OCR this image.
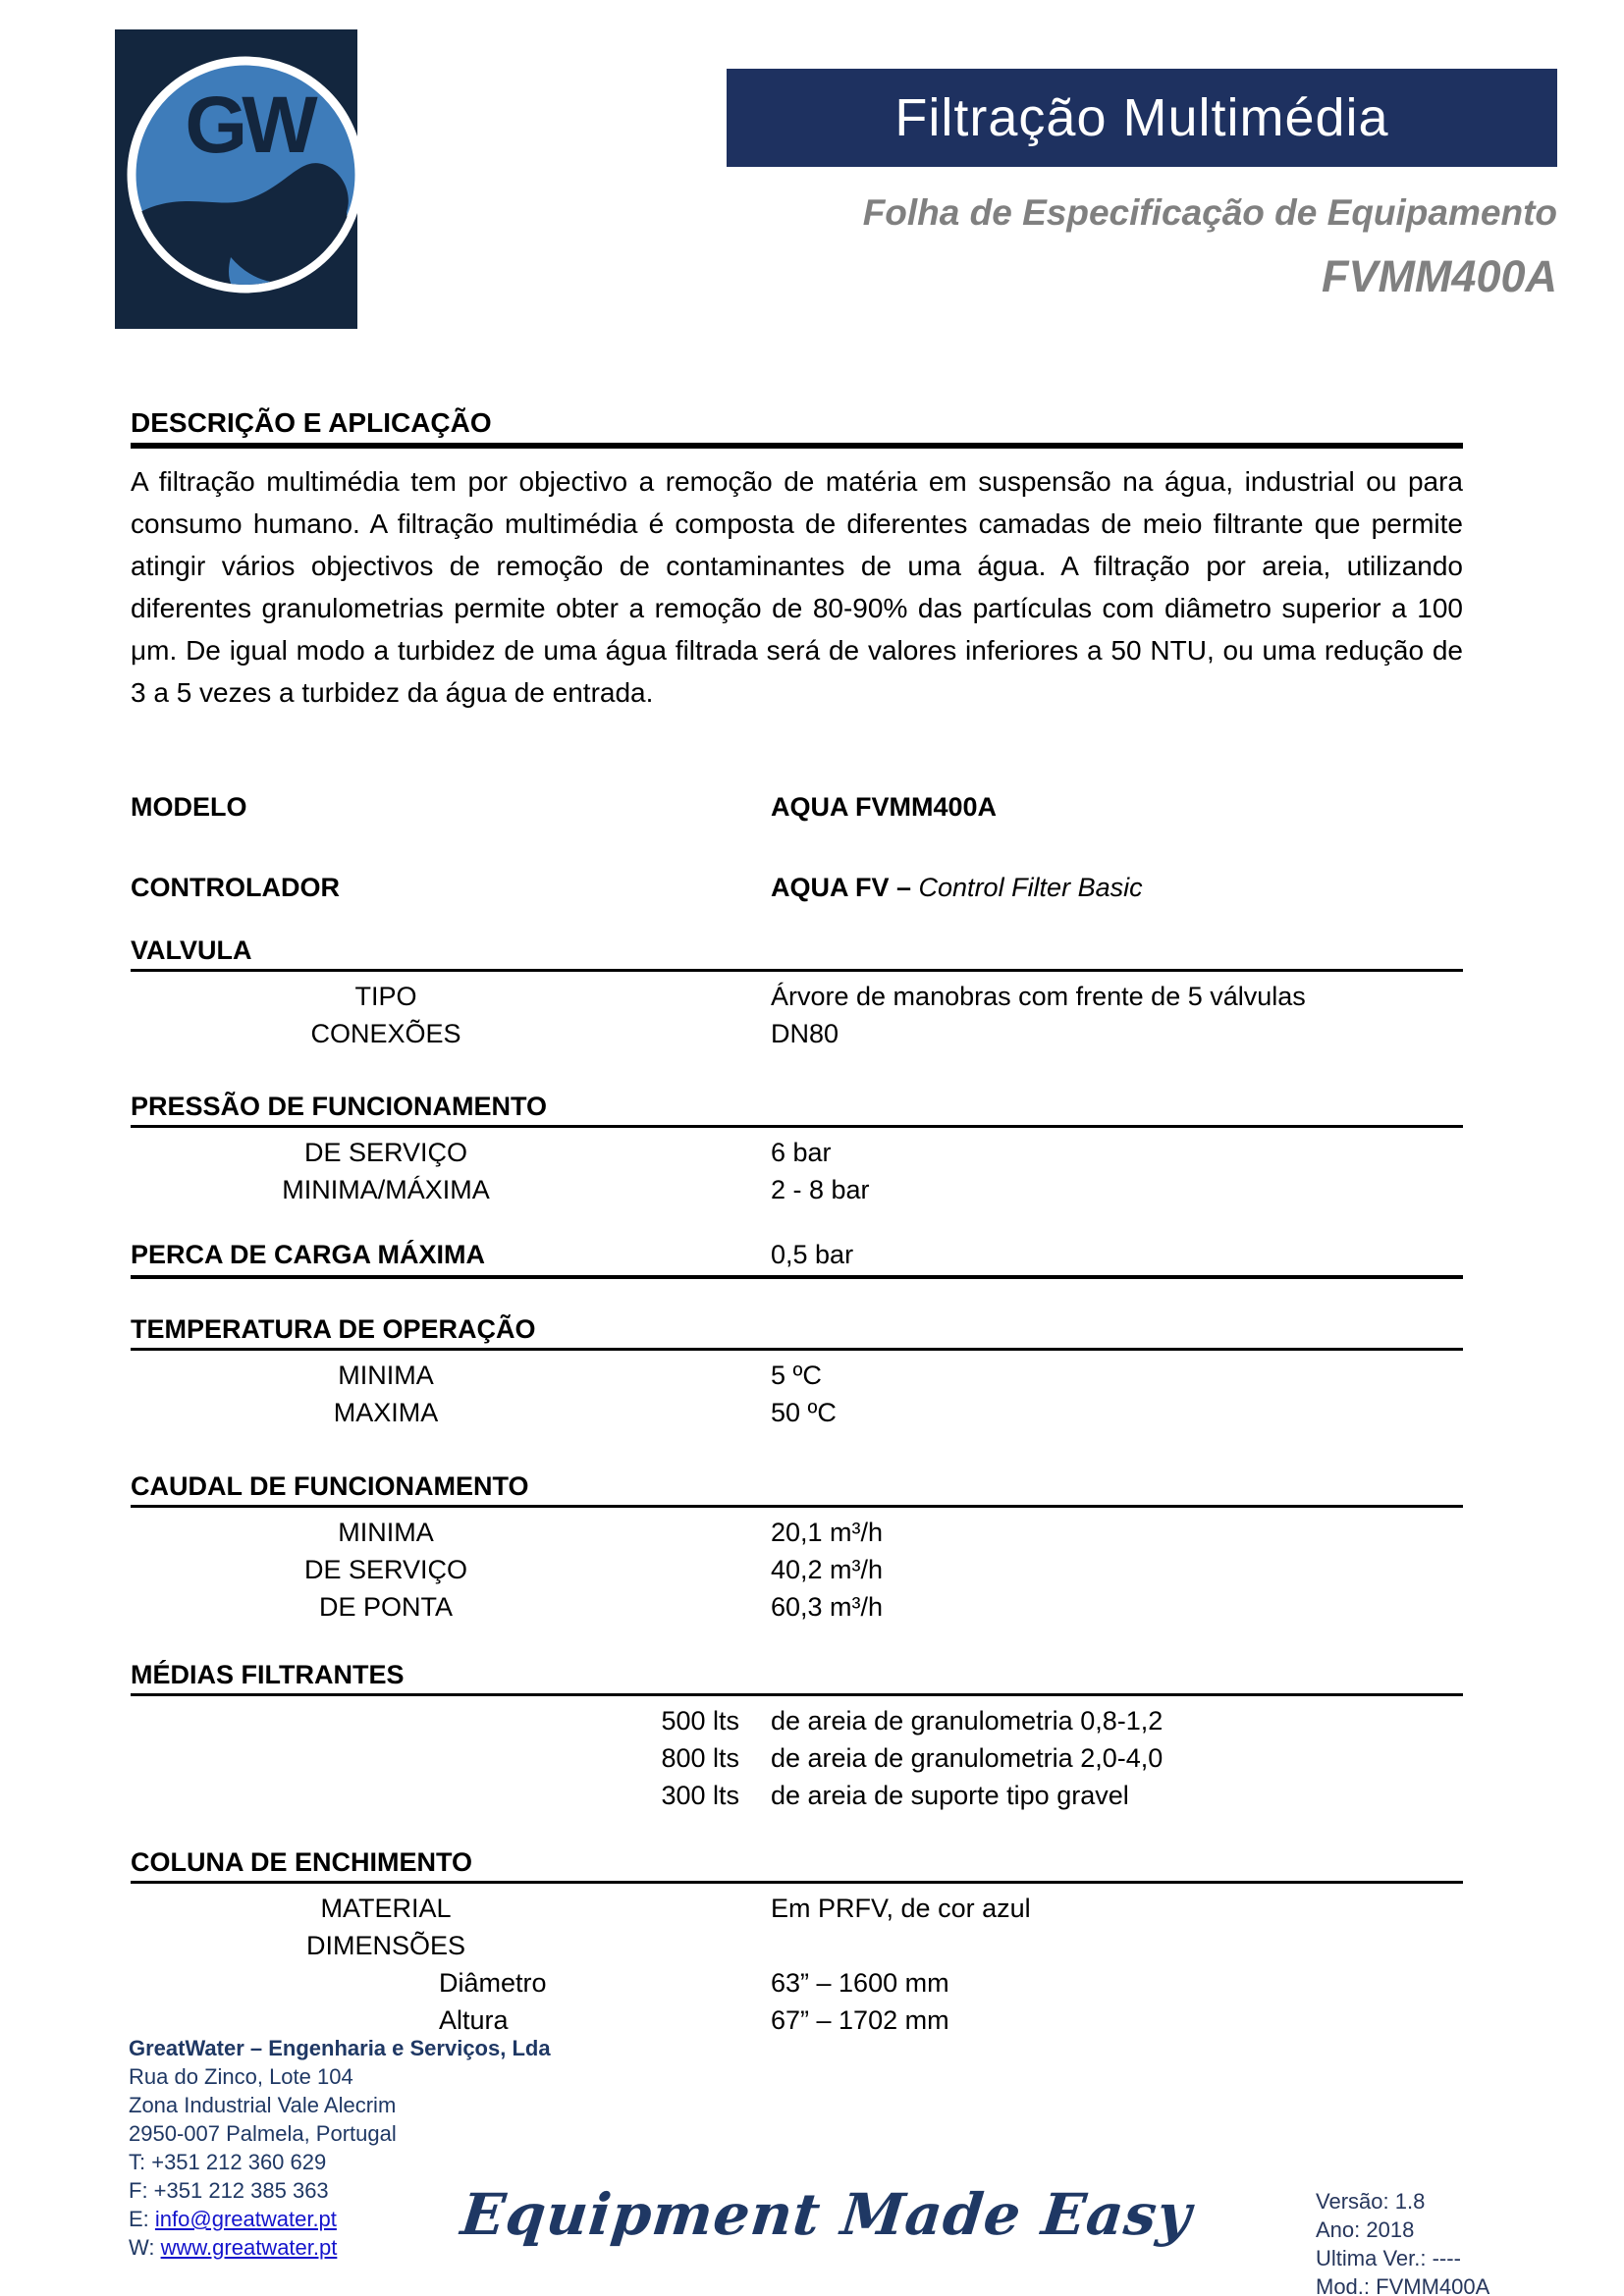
GW	Filtração Multimédia
Folha de Especificação de Equipamento
FVMM400A
DESCRIÇÃO E APLICAÇÃO
A filtração multimédia tem por objectivo a remoção de matéria em suspensão na água, industrial ou para consumo humano. A filtração multimédia é composta de diferentes camadas de meio filtrante que permite atingir vários objectivos de remoção de contaminantes de uma água. A filtração por areia, utilizando diferentes granulometrias permite obter a remoção de 80-90% das partículas com diâmetro superior a 100 μm. De igual modo a turbidez de uma água filtrada será de valores inferiores a 50 NTU, ou uma redução de 3 a 5 vezes a turbidez da água de entrada.
MODELO	AQUA FVMM400A
CONTROLADOR	AQUA FV – Control Filter Basic
VALVULA
TIPO	Árvore de manobras com frente de 5 válvulas
CONEXÕES	DN80
PRESSÃO DE FUNCIONAMENTO
DE SERVIÇO	6 bar
MINIMA/MÁXIMA	2 - 8 bar
PERCA DE CARGA MÁXIMA	0,5 bar
TEMPERATURA DE OPERAÇÃO
MINIMA	5 ºC
MAXIMA	50 ºC
CAUDAL DE FUNCIONAMENTO
MINIMA	20,1 m³/h
DE SERVIÇO	40,2 m³/h
DE PONTA	60,3 m³/h
MÉDIAS FILTRANTES
500 lts de areia de granulometria 0,8-1,2
800 lts de areia de granulometria 2,0-4,0
300 lts de areia de suporte tipo gravel
COLUNA DE ENCHIMENTO
MATERIAL	Em PRFV, de cor azul
DIMENSÕES
Diâmetro	63” – 1600 mm
Altura	67” – 1702 mm
GreatWater – Engenharia e Serviços, Lda
Rua do Zinco, Lote 104
Zona Industrial Vale Alecrim
2950-007 Palmela, Portugal
T: +351 212 360 629
F: +351 212 385 363
E: info@greatwater.pt
W: www.greatwater.pt	Equipment Made Easy	Versão: 1.8
Ano: 2018
Ultima Ver.: ----
Mod.: FVMM400A
